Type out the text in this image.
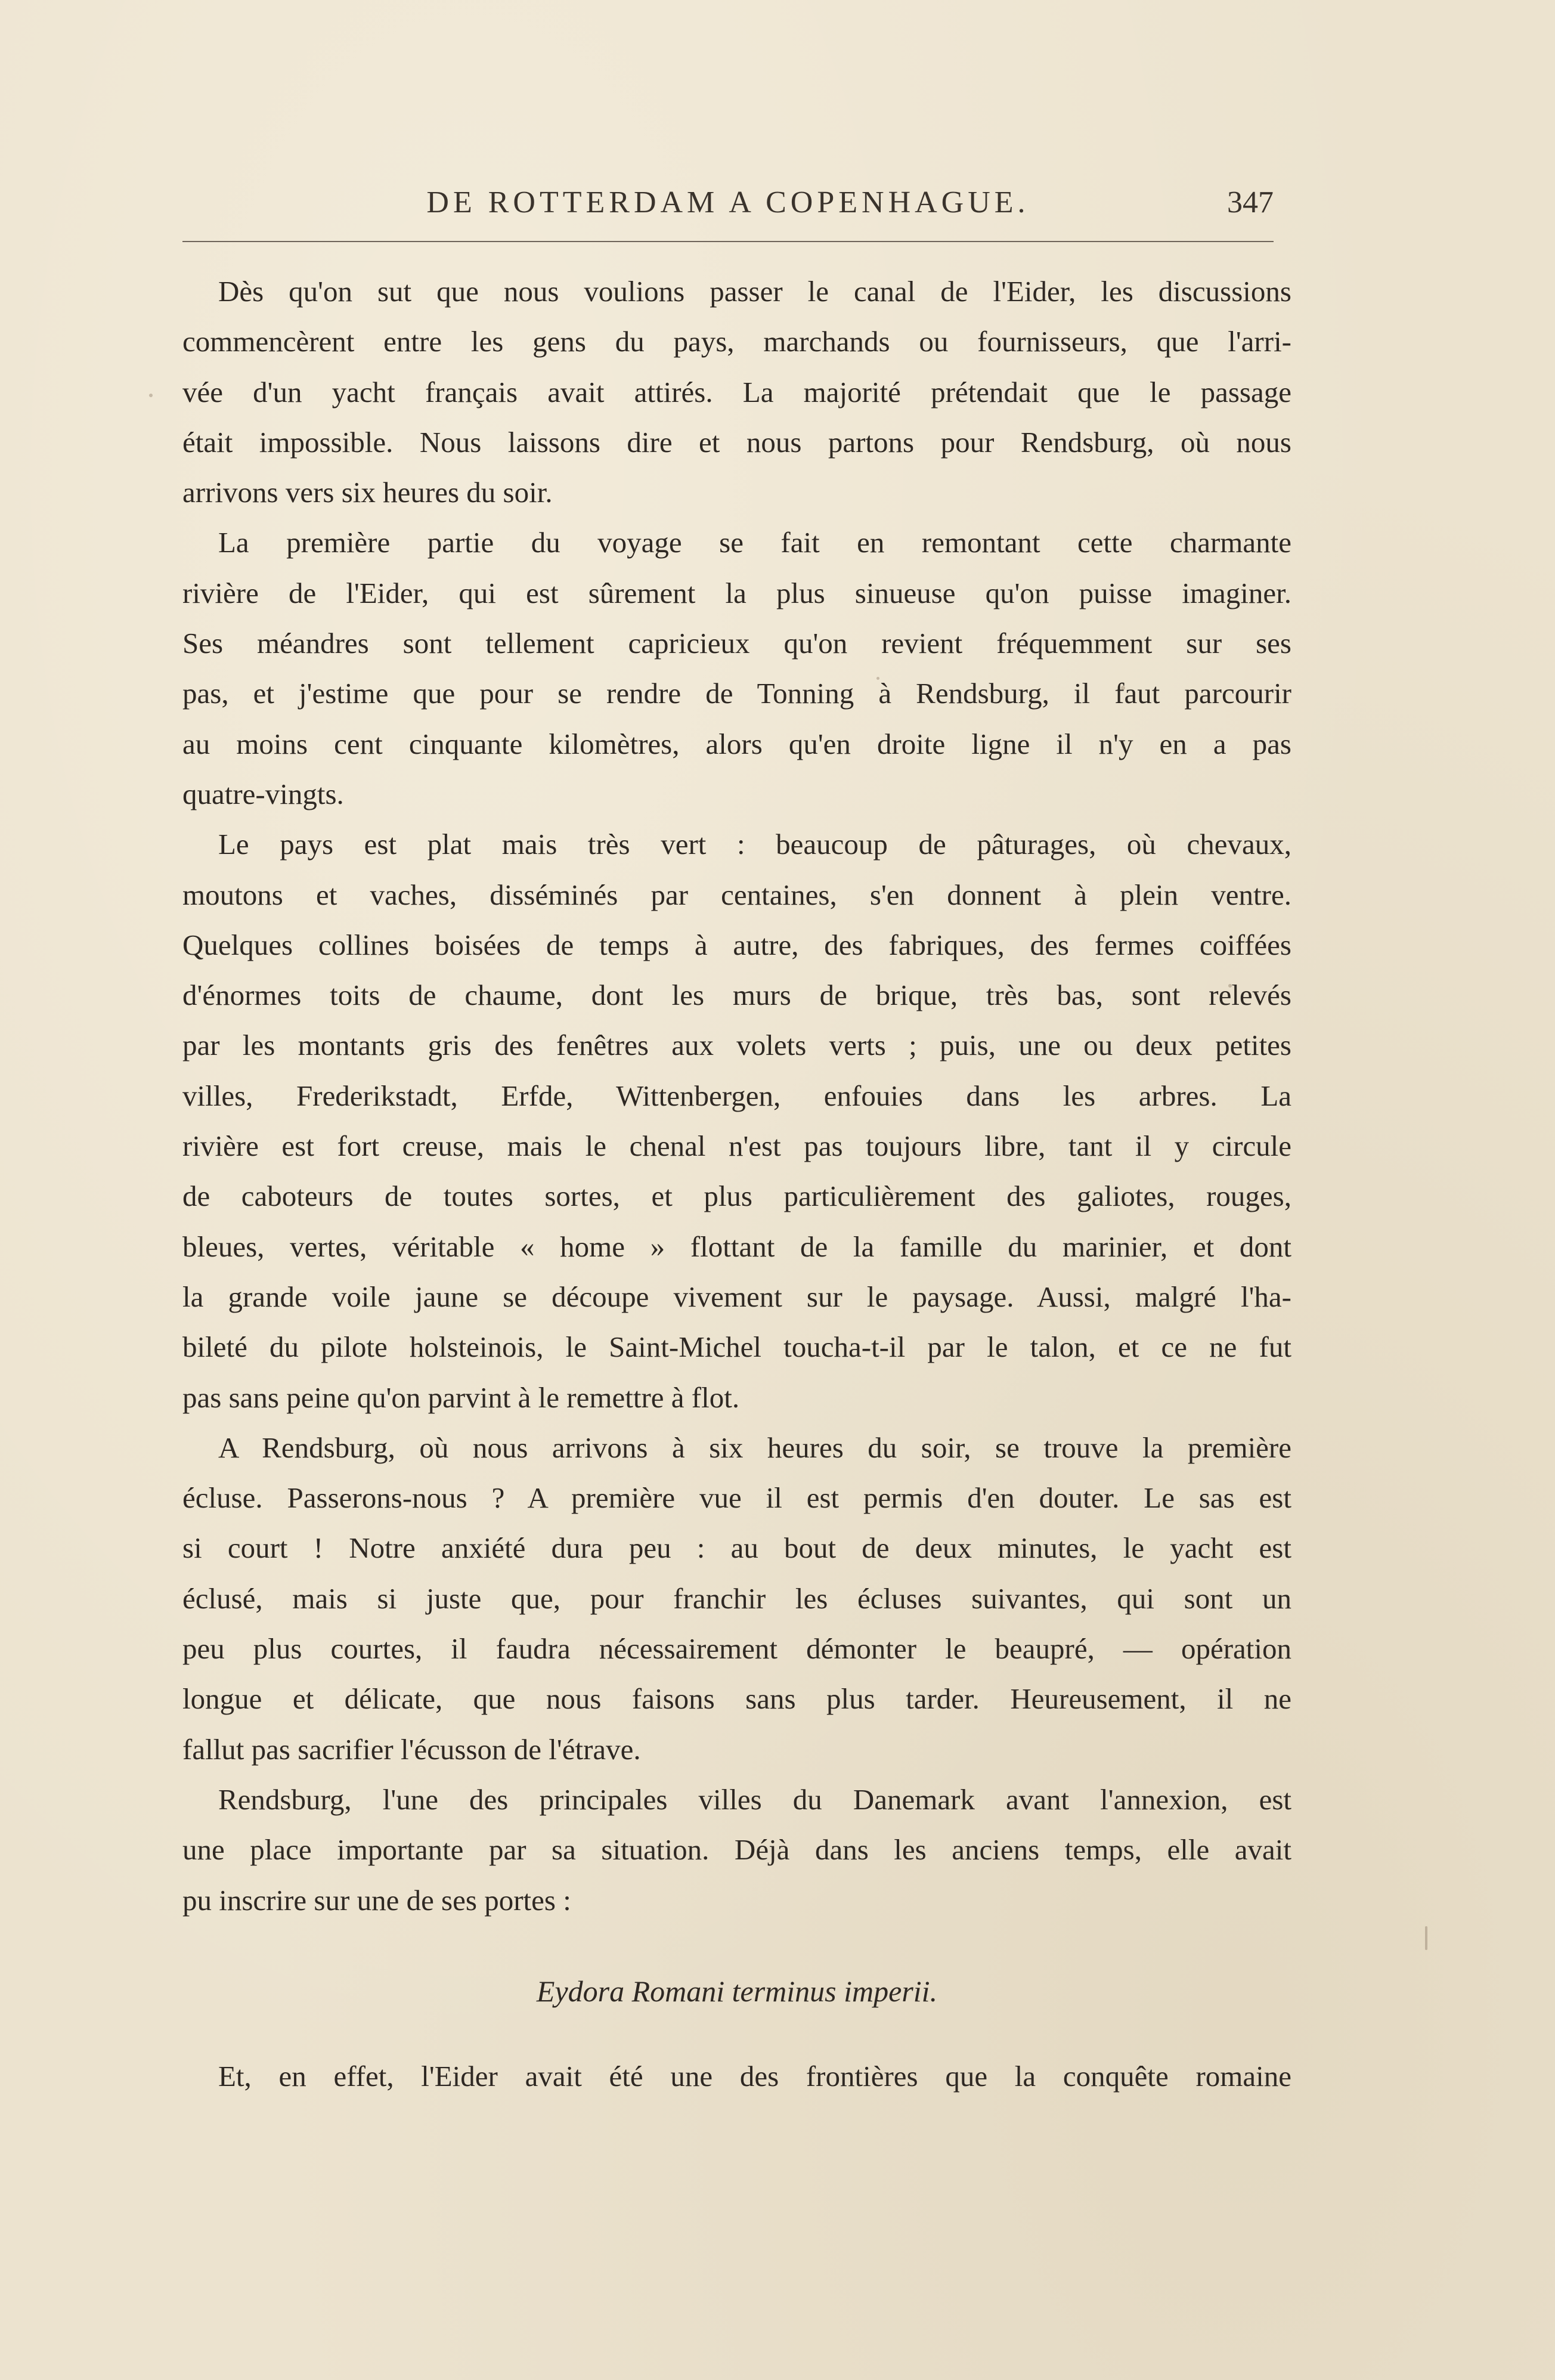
DE ROTTERDAM A COPENHAGUE.	347
Dès qu'on sut que nous voulions passer le canal de l'Eider, les discussions
commencèrent entre les gens du pays, marchands ou fournisseurs, que l'arri-
vée d'un yacht français avait attirés. La majorité prétendait que le passage
était impossible. Nous laissons dire et nous partons pour Rendsburg, où nous
arrivons vers six heures du soir.
La première partie du voyage se fait en remontant cette charmante
rivière de l'Eider, qui est sûrement la plus sinueuse qu'on puisse imaginer.
Ses méandres sont tellement capricieux qu'on revient fréquemment sur ses
pas, et j'estime que pour se rendre de Tonning à Rendsburg, il faut parcourir
au moins cent cinquante kilomètres, alors qu'en droite ligne il n'y en a pas
quatre-vingts.
Le pays est plat mais très vert : beaucoup de pâturages, où chevaux,
moutons et vaches, disséminés par centaines, s'en donnent à plein ventre.
Quelques collines boisées de temps à autre, des fabriques, des fermes coiffées
d'énormes toits de chaume, dont les murs de brique, très bas, sont relevés
par les montants gris des fenêtres aux volets verts ; puis, une ou deux petites
villes, Frederikstadt, Erfde, Wittenbergen, enfouies dans les arbres. La
rivière est fort creuse, mais le chenal n'est pas toujours libre, tant il y circule
de caboteurs de toutes sortes, et plus particulièrement des galiotes, rouges,
bleues, vertes, véritable « home » flottant de la famille du marinier, et dont
la grande voile jaune se découpe vivement sur le paysage. Aussi, malgré l'ha-
bileté du pilote holsteinois, le Saint-Michel toucha-t-il par le talon, et ce ne fut
pas sans peine qu'on parvint à le remettre à flot.
A Rendsburg, où nous arrivons à six heures du soir, se trouve la première
écluse. Passerons-nous ? A première vue il est permis d'en douter. Le sas est
si court ! Notre anxiété dura peu : au bout de deux minutes, le yacht est
éclusé, mais si juste que, pour franchir les écluses suivantes, qui sont un
peu plus courtes, il faudra nécessairement démonter le beaupré, — opération
longue et délicate, que nous faisons sans plus tarder. Heureusement, il ne
fallut pas sacrifier l'écusson de l'étrave.
Rendsburg, l'une des principales villes du Danemark avant l'annexion, est
une place importante par sa situation. Déjà dans les anciens temps, elle avait
pu inscrire sur une de ses portes :
Eydora Romani terminus imperii.
Et, en effet, l'Eider avait été une des frontières que la conquête romaine
